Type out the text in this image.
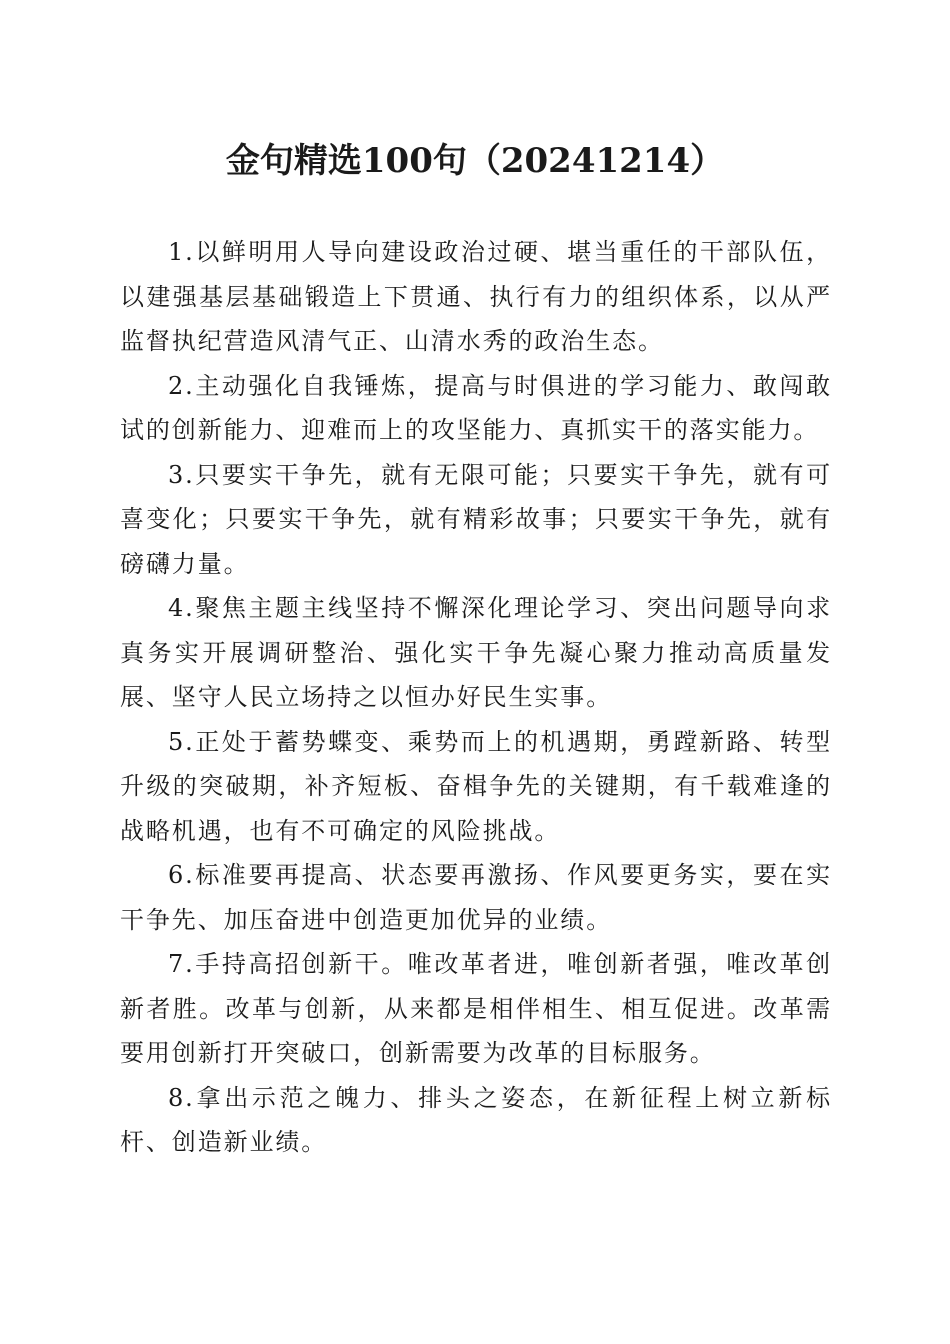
金句精选100句（20241214）

1.以鲜明用人导向建设政治过硬、堪当重任的干部队伍，以建强基层基础锻造上下贯通、执行有力的组织体系，以从严监督执纪营造风清气正、山清水秀的政治生态。

2.主动强化自我锤炼，提高与时俱进的学习能力、敢闯敢试的创新能力、迎难而上的攻坚能力、真抓实干的落实能力。

3.只要实干争先，就有无限可能；只要实干争先，就有可喜变化；只要实干争先，就有精彩故事；只要实干争先，就有磅礴力量。

4.聚焦主题主线坚持不懈深化理论学习、突出问题导向求真务实开展调研整治、强化实干争先凝心聚力推动高质量发展、坚守人民立场持之以恒办好民生实事。

5.正处于蓄势蝶变、乘势而上的机遇期，勇蹚新路、转型升级的突破期，补齐短板、奋楫争先的关键期，有千载难逢的战略机遇，也有不可确定的风险挑战。

6.标准要再提高、状态要再激扬、作风要更务实，要在实干争先、加压奋进中创造更加优异的业绩。

7.手持高招创新干。唯改革者进，唯创新者强，唯改革创新者胜。改革与创新，从来都是相伴相生、相互促进。改革需要用创新打开突破口，创新需要为改革的目标服务。

8.拿出示范之魄力、排头之姿态，在新征程上树立新标杆、创造新业绩。
